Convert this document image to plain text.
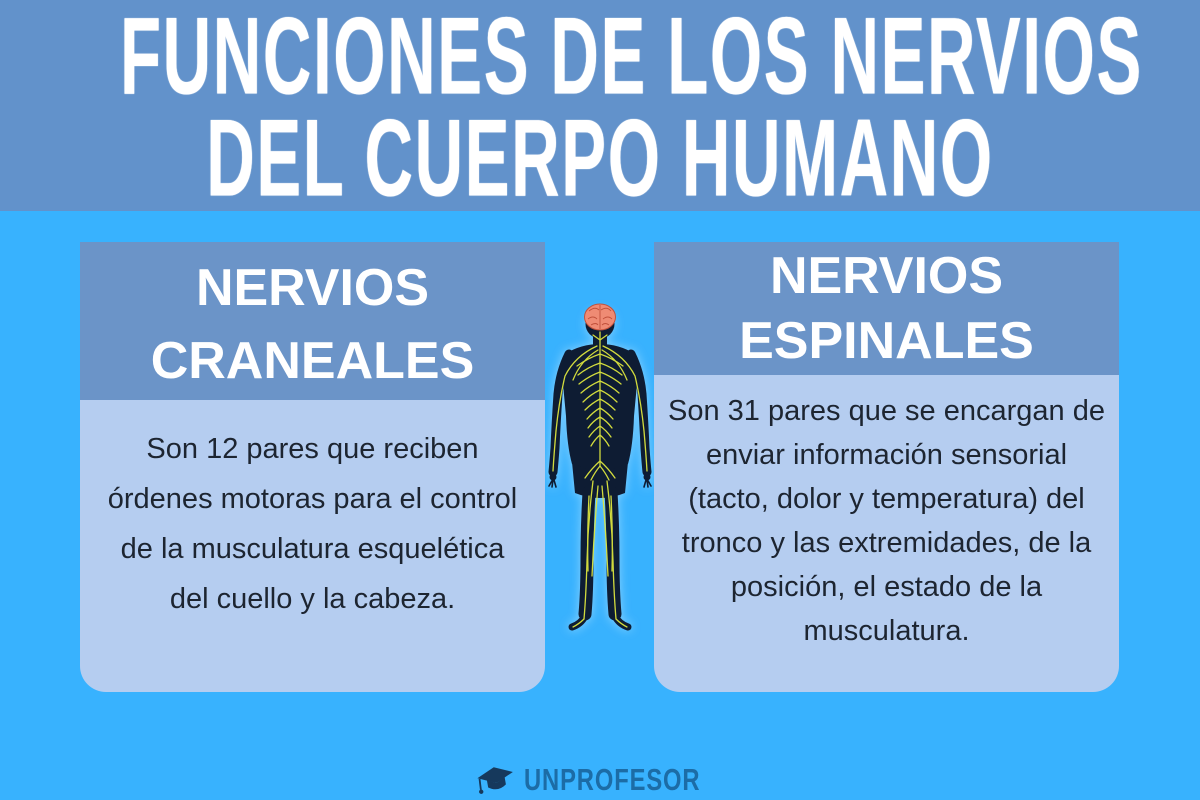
FUNCIONES DE LOS NERVIOS
DEL CUERPO HUMANO
NERVIOS
CRANEALES
Son 12 pares que reciben órdenes motoras para el control de la musculatura esquelética del cuello y la cabeza.
NERVIOS
ESPINALES
Son 31 pares que se encargan de enviar información sensorial (tacto, dolor y temperatura) del tronco y las extremidades, de la posición, el estado de la musculatura.
UNPROFESOR
